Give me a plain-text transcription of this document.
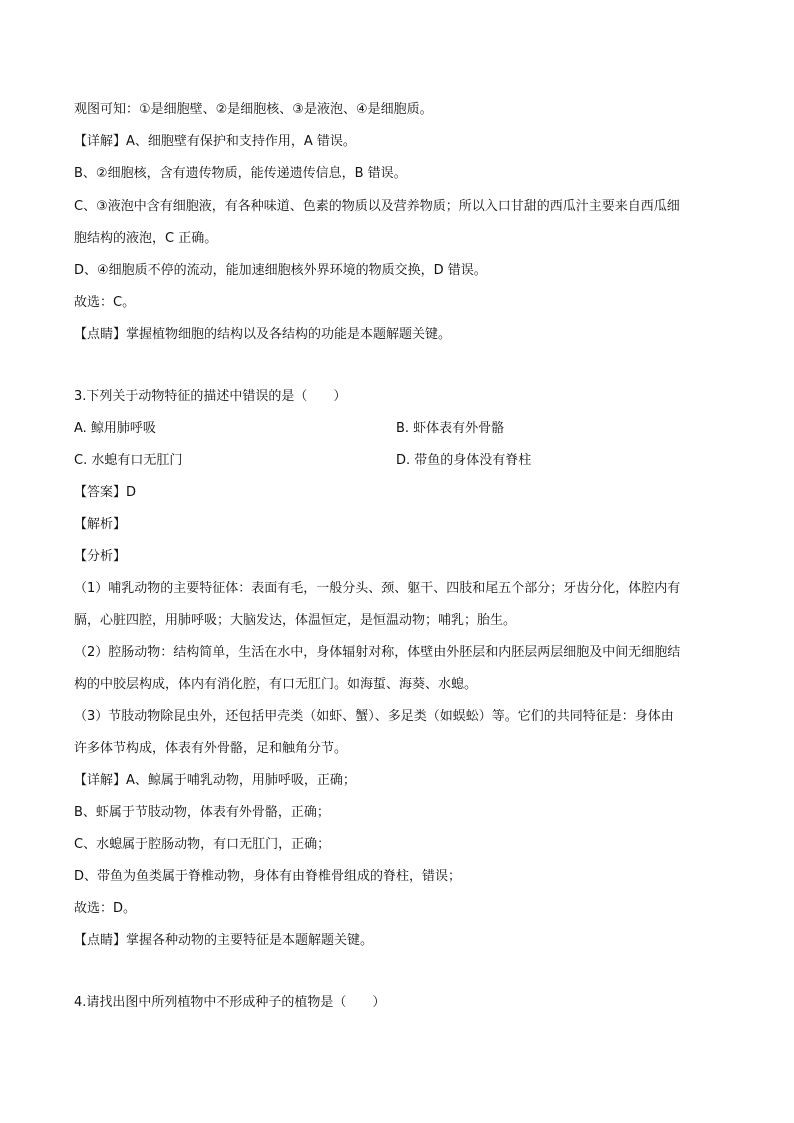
观图可知：①是细胞壁、②是细胞核、③是液泡、④是细胞质。
【详解】A、细胞壁有保护和支持作用，A 错误。
B、②细胞核，含有遗传物质，能传递遗传信息，B 错误。
C、③液泡中含有细胞液，有各种味道、色素的物质以及营养物质；所以入口甘甜的西瓜汁主要来自西瓜细
胞结构的液泡，C 正确。
D、④细胞质不停的流动，能加速细胞核外界环境的物质交换，D 错误。
故选：C。
【点睛】掌握植物细胞的结构以及各结构的功能是本题解题关键。
3.下列关于动物特征的描述中错误的是（　　）
A. 鲸用肺呼吸	B. 虾体表有外骨骼
C. 水螅有口无肛门	D. 带鱼的身体没有脊柱
【答案】D
【解析】
【分析】
（1）哺乳动物的主要特征体：表面有毛，一般分头、颈、躯干、四肢和尾五个部分；牙齿分化，体腔内有
膈，心脏四腔，用肺呼吸；大脑发达，体温恒定，是恒温动物；哺乳；胎生。
（2）腔肠动物：结构简单，生活在水中，身体辐射对称，体壁由外胚层和内胚层两层细胞及中间无细胞结
构的中胶层构成，体内有消化腔，有口无肛门。如海蜇、海葵、水螅。
（3）节肢动物除昆虫外，还包括甲壳类（如虾、蟹）、多足类（如蜈蚣）等。它们的共同特征是：身体由
许多体节构成，体表有外骨骼，足和触角分节。
【详解】A、鲸属于哺乳动物，用肺呼吸，正确；
B、虾属于节肢动物，体表有外骨骼，正确；
C、水螅属于腔肠动物，有口无肛门，正确；
D、带鱼为鱼类属于脊椎动物，身体有由脊椎骨组成的脊柱，错误；
故选：D。
【点睛】掌握各种动物的主要特征是本题解题关键。
4.请找出图中所列植物中不形成种子的植物是（　　）
